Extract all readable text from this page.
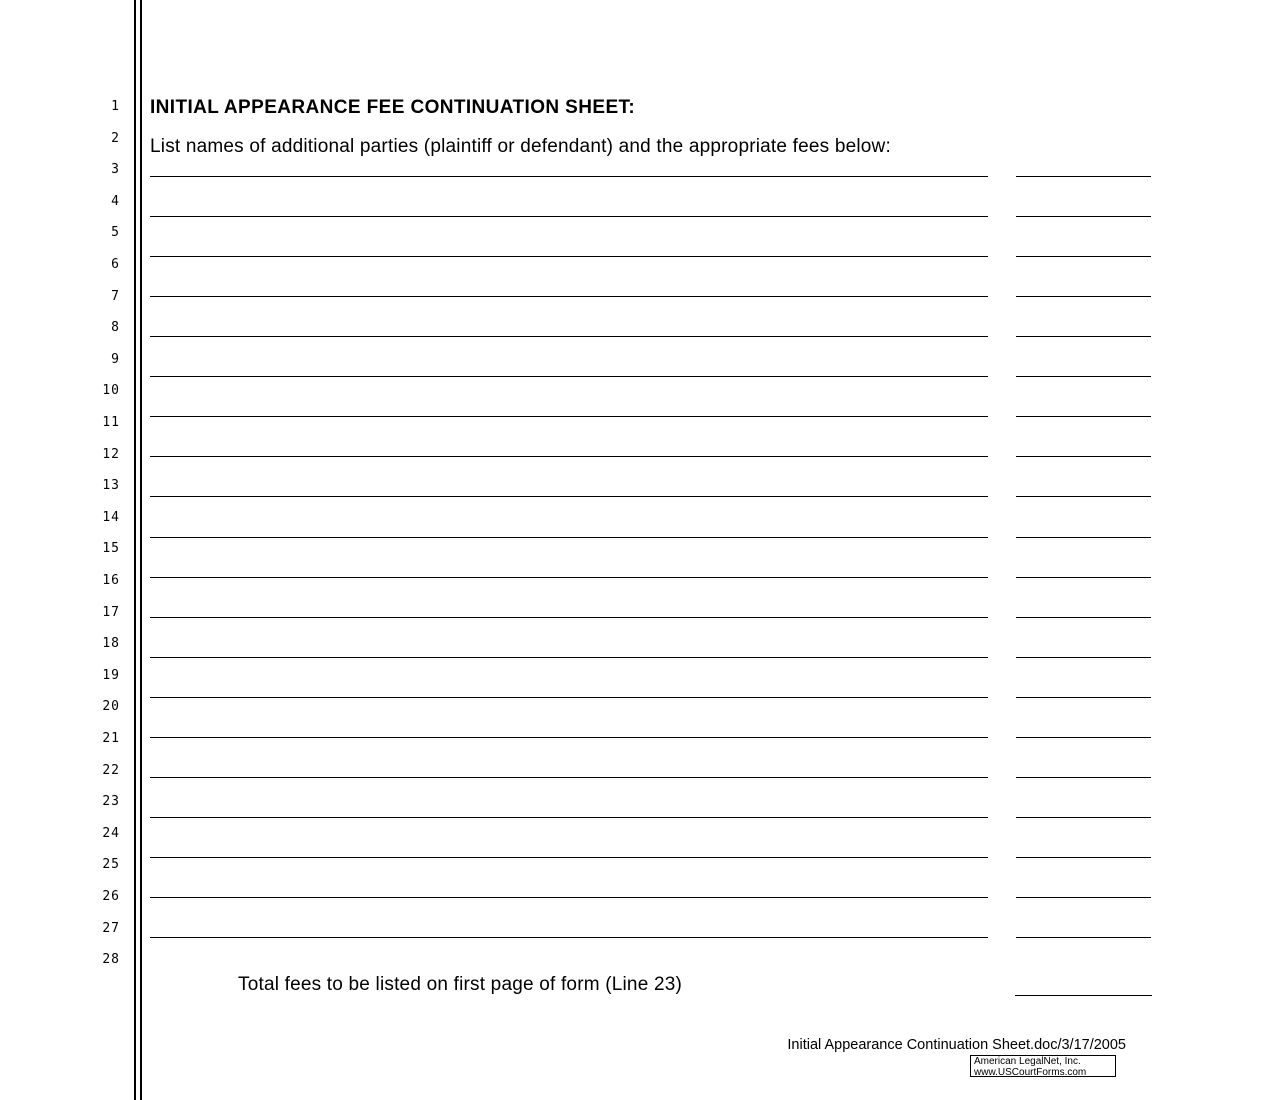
1
2
3
4
5
6
7
8
9
10
11
12
13
14
15
16
17
18
19
20
21
22
23
24
25
26
27
28
INITIAL APPEARANCE FEE CONTINUATION SHEET:
List names of additional parties (plaintiff or defendant) and the appropriate fees below:
Total fees to be listed on first page of form (Line 23)
Initial Appearance Continuation Sheet.doc/3/17/2005
American LegalNet, Inc.
www.USCourtForms.com
